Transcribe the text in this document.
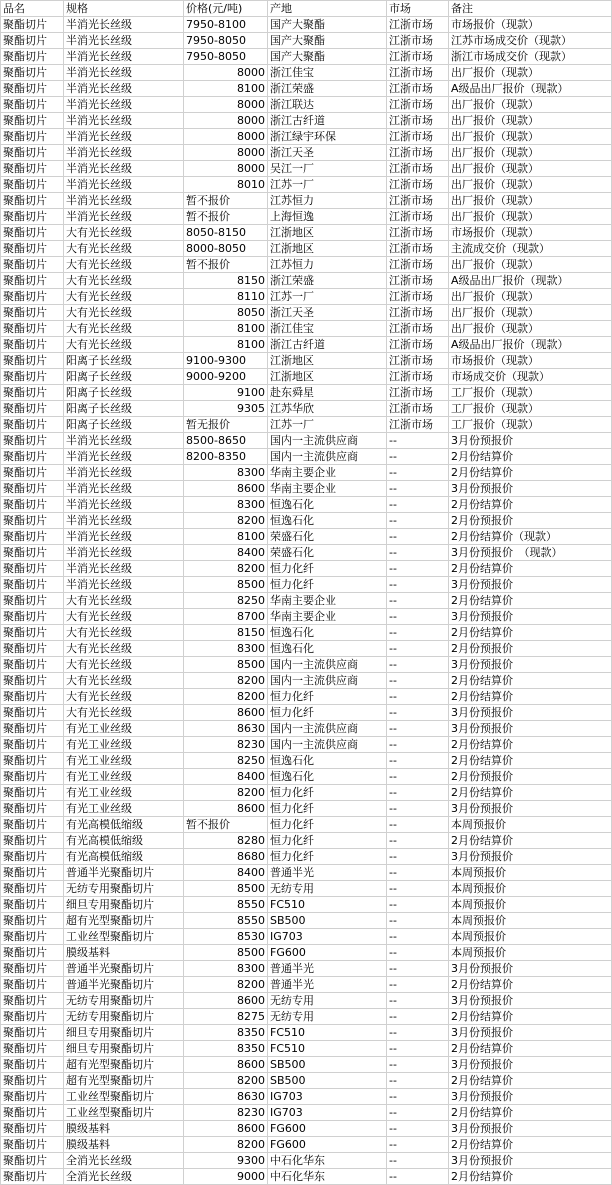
品名	规格	价格(元/吨)	产地	市场	备注
聚酯切片	半消光长丝级	7950-8100	国产大聚酯	江浙市场	市场报价（现款）
聚酯切片	半消光长丝级	7950-8050	国产大聚酯	江浙市场	江苏市场成交价（现款）
聚酯切片	半消光长丝级	7950-8050	国产大聚酯	江浙市场	浙江市场成交价（现款）
聚酯切片	半消光长丝级	8000	浙江佳宝	江浙市场	出厂报价（现款）
聚酯切片	半消光长丝级	8100	浙江荣盛	江浙市场	A级品出厂报价（现款）
聚酯切片	半消光长丝级	8000	浙江联达	江浙市场	出厂报价（现款）
聚酯切片	半消光长丝级	8000	浙江古纤道	江浙市场	出厂报价（现款）
聚酯切片	半消光长丝级	8000	浙江绿宇环保	江浙市场	出厂报价（现款）
聚酯切片	半消光长丝级	8000	浙江天圣	江浙市场	出厂报价（现款）
聚酯切片	半消光长丝级	8000	吴江一厂	江浙市场	出厂报价（现款）
聚酯切片	半消光长丝级	8010	江苏一厂	江浙市场	出厂报价（现款）
聚酯切片	半消光长丝级	暂不报价	江苏恒力	江浙市场	出厂报价（现款）
聚酯切片	半消光长丝级	暂不报价	上海恒逸	江浙市场	出厂报价（现款）
聚酯切片	大有光长丝级	8050-8150	江浙地区	江浙市场	市场报价（现款）
聚酯切片	大有光长丝级	8000-8050	江浙地区	江浙市场	主流成交价（现款）
聚酯切片	大有光长丝级	暂不报价	江苏恒力	江浙市场	出厂报价（现款）
聚酯切片	大有光长丝级	8150	浙江荣盛	江浙市场	A级品出厂报价（现款）
聚酯切片	大有光长丝级	8110	江苏一厂	江浙市场	出厂报价（现款）
聚酯切片	大有光长丝级	8050	浙江天圣	江浙市场	出厂报价（现款）
聚酯切片	大有光长丝级	8100	浙江佳宝	江浙市场	出厂报价（现款）
聚酯切片	大有光长丝级	8100	浙江古纤道	江浙市场	A级品出厂报价（现款）
聚酯切片	阳离子长丝级	9100-9300	江浙地区	江浙市场	市场报价（现款）
聚酯切片	阳离子长丝级	9000-9200	江浙地区	江浙市场	市场成交价（现款）
聚酯切片	阳离子长丝级	9100	赴东舜星	江浙市场	工厂报价（现款）
聚酯切片	阳离子长丝级	9305	江苏华欣	江浙市场	工厂报价（现款）
聚酯切片	阳离子长丝级	暂无报价	江苏一厂	江浙市场	工厂报价（现款）
聚酯切片	半消光长丝级	8500-8650	国内一主流供应商	--	3月份预报价
聚酯切片	半消光长丝级	8200-8350	国内一主流供应商	--	2月份结算价
聚酯切片	半消光长丝级	8300	华南主要企业	--	2月份结算价
聚酯切片	半消光长丝级	8600	华南主要企业	--	3月份预报价
聚酯切片	半消光长丝级	8300	恒逸石化	--	2月份结算价
聚酯切片	半消光长丝级	8200	恒逸石化	--	2月份预报价
聚酯切片	半消光长丝级	8100	荣盛石化	--	2月份结算价（现款）
聚酯切片	半消光长丝级	8400	荣盛石化	--	3月份预报价　（现款）
聚酯切片	半消光长丝级	8200	恒力化纤	--	2月份结算价
聚酯切片	半消光长丝级	8500	恒力化纤	--	3月份预报价
聚酯切片	大有光长丝级	8250	华南主要企业	--	2月份结算价
聚酯切片	大有光长丝级	8700	华南主要企业	--	3月份预报价
聚酯切片	大有光长丝级	8150	恒逸石化	--	2月份结算价
聚酯切片	大有光长丝级	8300	恒逸石化	--	2月份预报价
聚酯切片	大有光长丝级	8500	国内一主流供应商	--	3月份预报价
聚酯切片	大有光长丝级	8200	国内一主流供应商	--	2月份结算价
聚酯切片	大有光长丝级	8200	恒力化纤	--	2月份结算价
聚酯切片	大有光长丝级	8600	恒力化纤	--	3月份预报价
聚酯切片	有光工业丝级	8630	国内一主流供应商	--	3月份预报价
聚酯切片	有光工业丝级	8230	国内一主流供应商	--	2月份结算价
聚酯切片	有光工业丝级	8250	恒逸石化	--	2月份结算价
聚酯切片	有光工业丝级	8400	恒逸石化	--	2月份预报价
聚酯切片	有光工业丝级	8200	恒力化纤	--	2月份结算价
聚酯切片	有光工业丝级	8600	恒力化纤	--	3月份预报价
聚酯切片	有光高模低缩级	暂不报价	恒力化纤	--	本周预报价
聚酯切片	有光高模低缩级	8280	恒力化纤	--	2月份结算价
聚酯切片	有光高模低缩级	8680	恒力化纤	--	3月份预报价
聚酯切片	普通半光聚酯切片	8400	普通半光	--	本周预报价
聚酯切片	无纺专用聚酯切片	8500	无纺专用	--	本周预报价
聚酯切片	细旦专用聚酯切片	8550	FC510	--	本周预报价
聚酯切片	超有光型聚酯切片	8550	SB500	--	本周预报价
聚酯切片	工业丝型聚酯切片	8530	IG703	--	本周预报价
聚酯切片	膜级基料	8500	FG600	--	本周预报价
聚酯切片	普通半光聚酯切片	8300	普通半光	--	3月份预报价
聚酯切片	普通半光聚酯切片	8200	普通半光	--	2月份结算价
聚酯切片	无纺专用聚酯切片	8600	无纺专用	--	3月份预报价
聚酯切片	无纺专用聚酯切片	8275	无纺专用	--	2月份结算价
聚酯切片	细旦专用聚酯切片	8350	FC510	--	3月份预报价
聚酯切片	细旦专用聚酯切片	8350	FC510	--	2月份结算价
聚酯切片	超有光型聚酯切片	8600	SB500	--	3月份预报价
聚酯切片	超有光型聚酯切片	8200	SB500	--	2月份结算价
聚酯切片	工业丝型聚酯切片	8630	IG703	--	3月份预报价
聚酯切片	工业丝型聚酯切片	8230	IG703	--	2月份结算价
聚酯切片	膜级基料	8600	FG600	--	3月份预报价
聚酯切片	膜级基料	8200	FG600	--	2月份结算价
聚酯切片	全消光长丝级	9300	中石化华东	--	3月份预报价
聚酯切片	全消光长丝级	9000	中石化华东	--	2月份结算价
